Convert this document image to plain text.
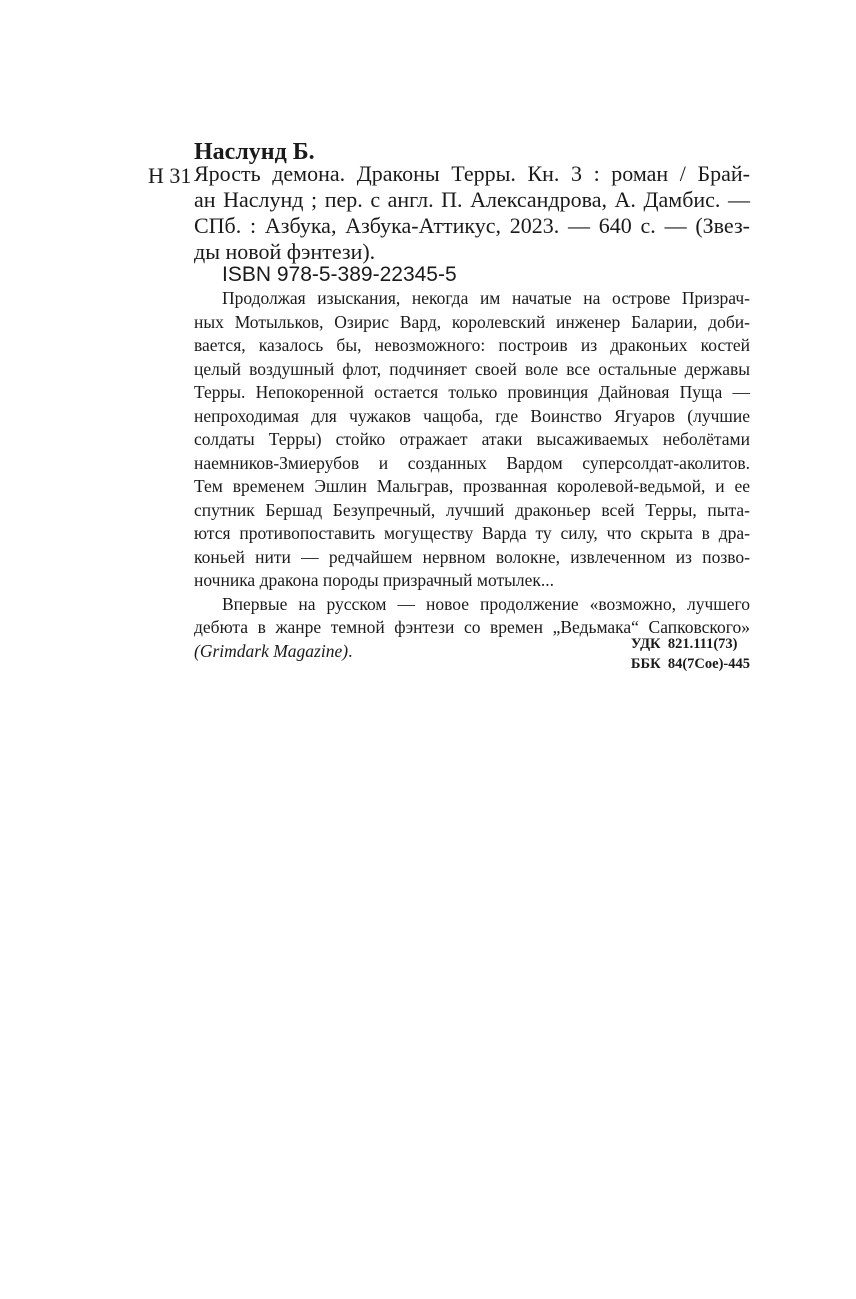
Наслунд Б.
Н 31 Ярость демона. Драконы Терры. Кн. 3 : роман / Брай-
ан Наслунд ; пер. с англ. П. Александрова, А. Дамбис. —
СПб. : Азбука, Азбука-Аттикус, 2023. — 640 с. — (Звез-
ды новой фэнтези).
ISBN 978-5-389-22345-5
Продолжая изыскания, некогда им начатые на острове Призрач-
ных Мотыльков, Озирис Вард, королевский инженер Баларии, доби-
вается, казалось бы, невозможного: построив из драконьих костей
целый воздушный флот, подчиняет своей воле все остальные державы
Терры. Непокоренной остается только провинция Дайновая Пуща —
непроходимая для чужаков чащоба, где Воинство Ягуаров (лучшие
солдаты Терры) стойко отражает атаки высаживаемых неболётами
наемников-Змиерубов и созданных Вардом суперсолдат-аколитов.
Тем временем Эшлин Мальграв, прозванная королевой-ведьмой, и ее
спутник Бершад Безупречный, лучший драконьер всей Терры, пыта-
ются противопоставить могуществу Варда ту силу, что скрыта в дра-
коньей нити — редчайшем нервном волокне, извлеченном из позво-
ночника дракона породы призрачный мотылек...
Впервые на русском — новое продолжение «возможно, лучшего
дебюта в жанре темной фэнтези со времен „Ведьмака“ Сапковского»
(Grimdark Magazine).	УДК 821.111(73)
ББК 84(7Сое)-445
